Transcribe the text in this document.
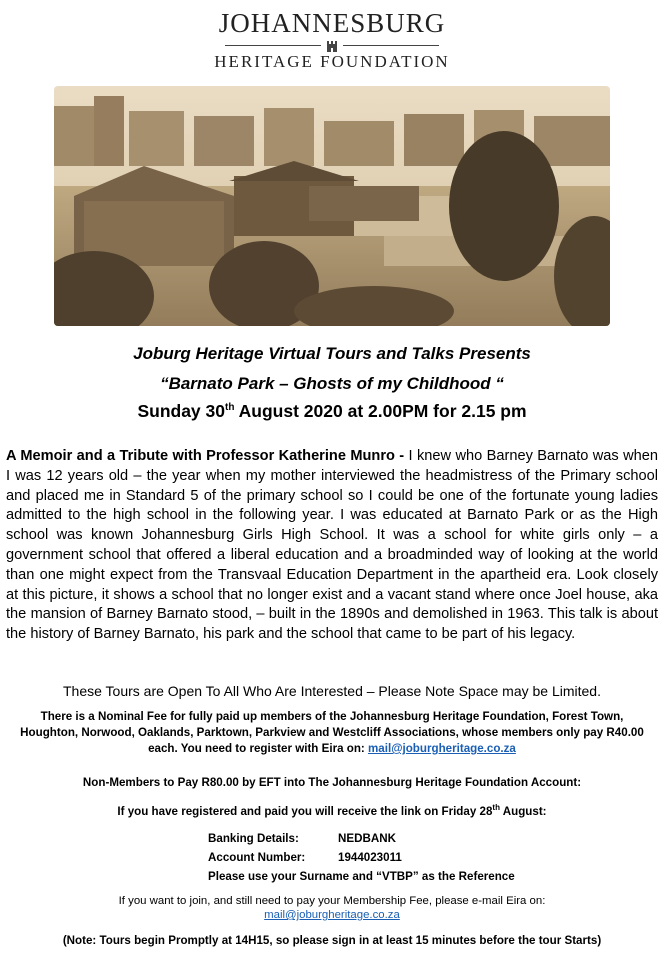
JOHANNESBURG
HERITAGE FOUNDATION
Joburg Heritage Virtual Tours and Talks Presents
“Barnato Park – Ghosts of my Childhood “
Sunday 30th August 2020 at 2.00PM for 2.15 pm
A Memoir and a Tribute with Professor Katherine Munro - I knew who Barney Barnato was when I was 12 years old – the year when my mother interviewed the headmistress of the Primary school and placed me in Standard 5 of the primary school so I could be one of the fortunate young ladies admitted to the high school in the following year. I was educated at Barnato Park or as the High school was known Johannesburg Girls High School. It was a school for white girls only – a government school that offered a liberal education and a broadminded way of looking at the world than one might expect from the Transvaal Education Department in the apartheid era. Look closely at this picture, it shows a school that no longer exist and a vacant stand where once Joel house, aka the mansion of Barney Barnato stood, – built in the 1890s and demolished in 1963. This talk is about the history of Barney Barnato, his park and the school that came to be part of his legacy.
These Tours are Open To All Who Are Interested – Please Note Space may be Limited.
There is a Nominal Fee for fully paid up members of the Johannesburg Heritage Foundation, Forest Town, Houghton, Norwood, Oaklands, Parktown, Parkview and Westcliff Associations, whose members only pay R40.00 each. You need to register with Eira on: mail@joburgheritage.co.za
Non-Members to Pay R80.00 by EFT into The Johannesburg Heritage Foundation Account:
If you have registered and paid you will receive the link on Friday 28th August:
Banking Details:	NEDBANK
Account Number:	1944023011
Please use your Surname and “VTBP” as the Reference
If you want to join, and still need to pay your Membership Fee, please e-mail Eira on:
mail@joburgheritage.co.za
(Note: Tours begin Promptly at 14H15, so please sign in at least 15 minutes before the tour Starts)
